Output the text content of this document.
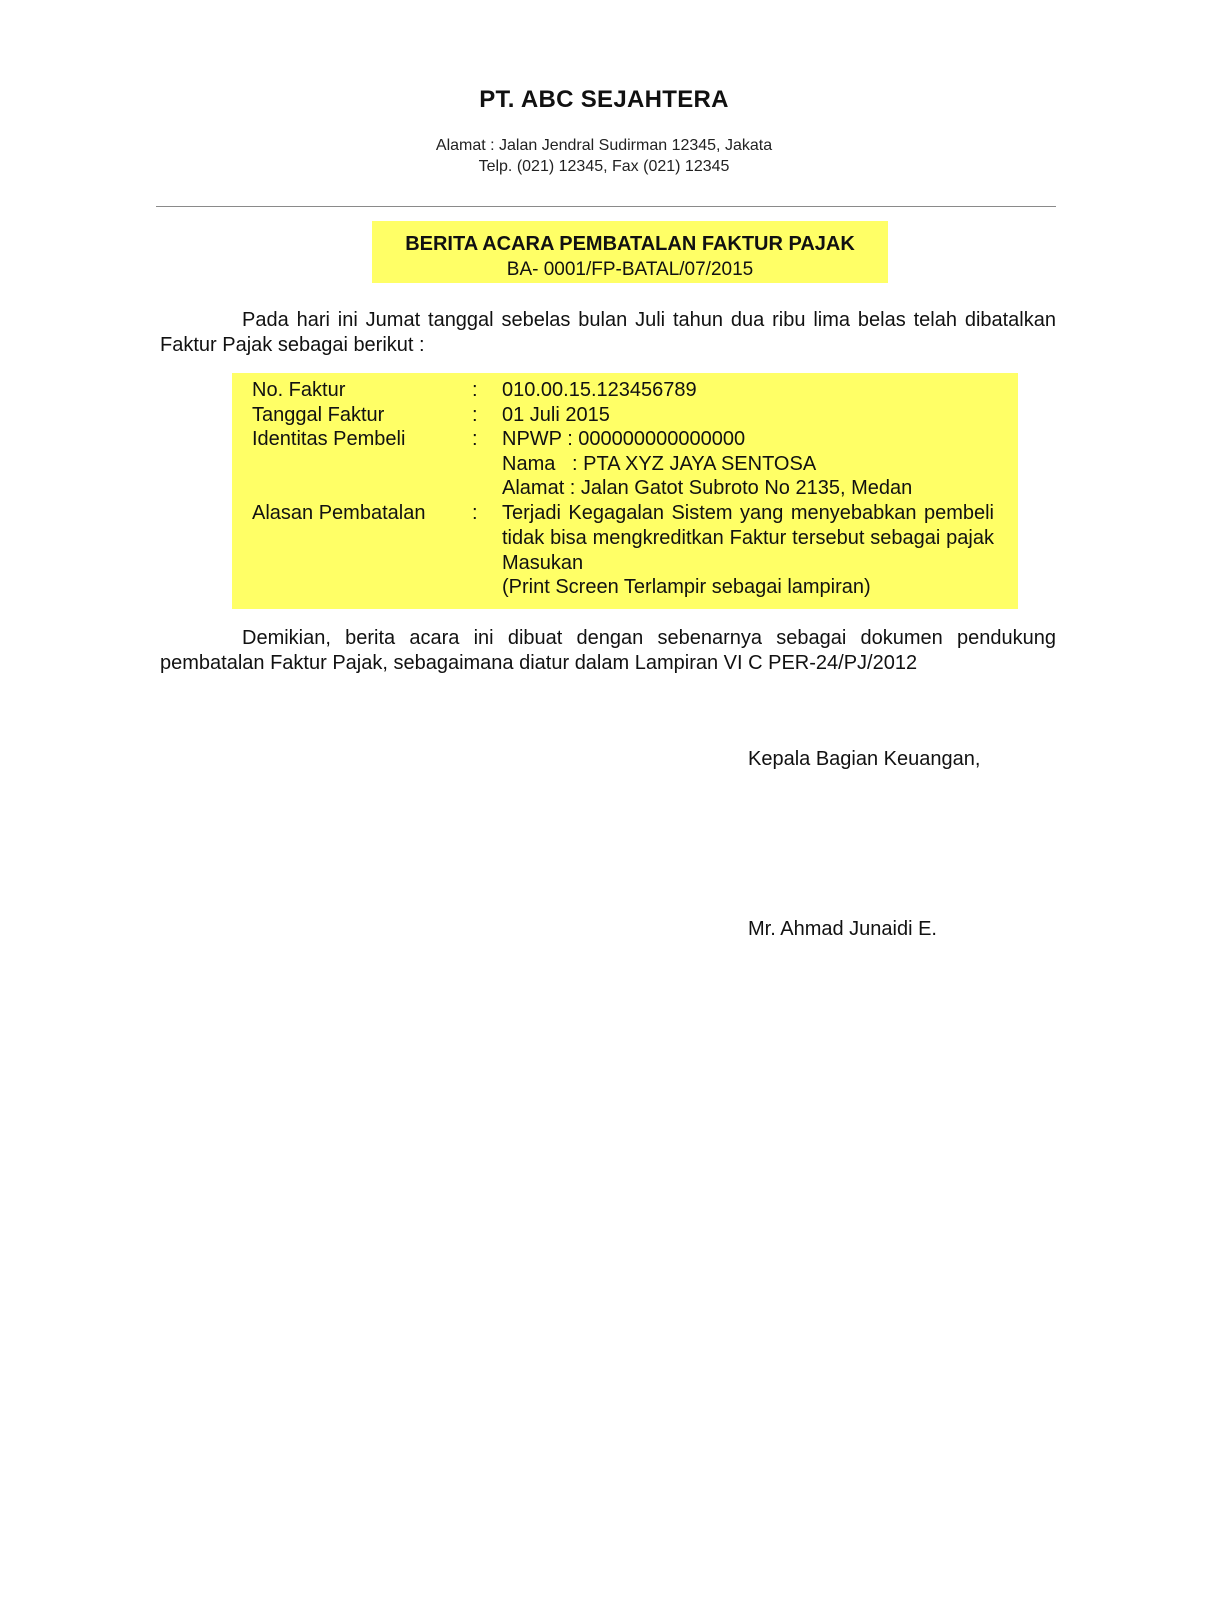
PT. ABC SEJAHTERA
Alamat : Jalan Jendral Sudirman 12345, Jakata
Telp. (021) 12345, Fax (021) 12345
BERITA ACARA PEMBATALAN FAKTUR PAJAK
BA- 0001/FP-BATAL/07/2015
Pada hari ini Jumat tanggal sebelas bulan Juli tahun dua ribu lima belas telah dibatalkan Faktur Pajak sebagai berikut :
No. Faktur	: 010.00.15.123456789
Tanggal Faktur	: 01 Juli 2015
Identitas Pembeli	: NPWP : 000000000000000
Nama   : PTA XYZ JAYA SENTOSA
Alamat : Jalan Gatot Subroto No 2135, Medan
Alasan Pembatalan : Terjadi Kegagalan Sistem yang menyebabkan pembeli tidak bisa mengkreditkan Faktur tersebut sebagai pajak Masukan
(Print Screen Terlampir sebagai lampiran)
Demikian, berita acara ini dibuat dengan sebenarnya sebagai dokumen pendukung pembatalan Faktur Pajak, sebagaimana diatur dalam Lampiran VI C PER-24/PJ/2012
Kepala Bagian Keuangan,
Mr. Ahmad Junaidi E.
